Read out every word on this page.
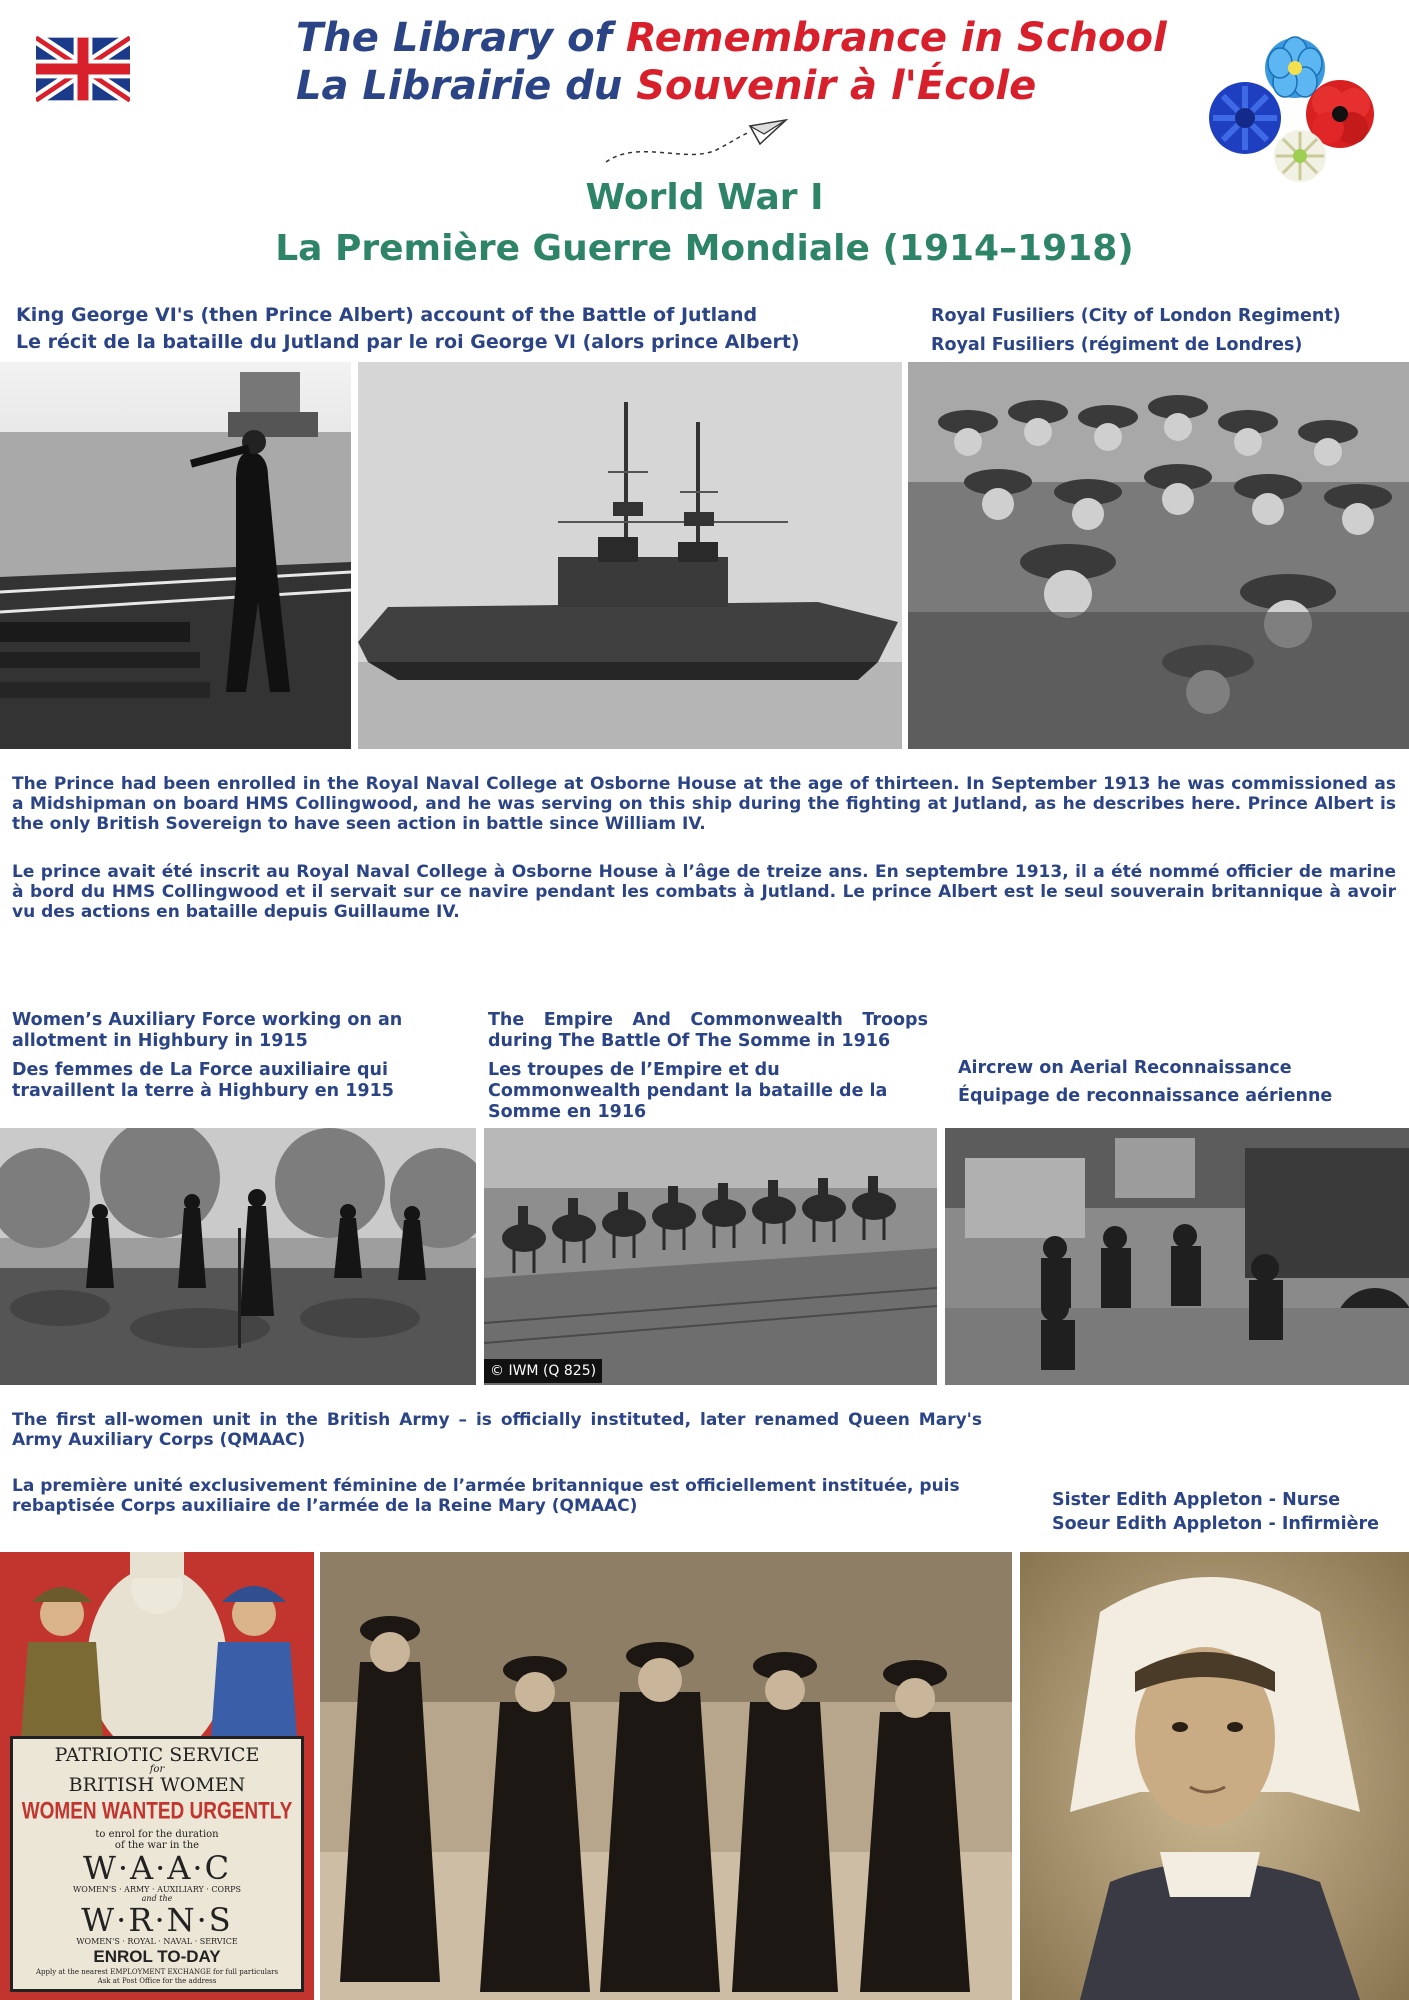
The Library of Remembrance in School
La Librairie du Souvenir à l'École
World War I
La Première Guerre Mondiale (1914–1918)
King George VI's (then Prince Albert) account of the Battle of Jutland
Le récit de la bataille du Jutland par le roi George VI (alors prince Albert)
Royal Fusiliers (City of London Regiment)
Royal Fusiliers (régiment de Londres)
The Prince had been enrolled in the Royal Naval College at Osborne House at the age of thirteen. In September 1913 he was commissioned as a Midshipman on board HMS Collingwood, and he was serving on this ship during the fighting at Jutland, as he describes here. Prince Albert is the only British Sovereign to have seen action in battle since William IV.
Le prince avait été inscrit au Royal Naval College à Osborne House à l’âge de treize ans. En septembre 1913, il a été nommé officier de marine à bord du HMS Collingwood et il servait sur ce navire pendant les combats à Jutland. Le prince Albert est le seul souverain britannique à avoir vu des actions en bataille depuis Guillaume IV.
Women’s Auxiliary Force working on an allotment in Highbury in 1915
Des femmes de La Force auxiliaire qui travaillent la terre à Highbury en 1915
The Empire And Commonwealth Troops during The Battle Of The Somme in 1916
Les troupes de l’Empire et du Commonwealth pendant la bataille de la Somme en 1916
Aircrew on Aerial Reconnaissance
Équipage de reconnaissance aérienne
© IWM (Q 825)
The first all-women unit in the British Army – is officially instituted, later renamed Queen Mary's Army Auxiliary Corps (QMAAC)
La première unité exclusivement féminine de l’armée britannique est officiellement instituée, puis rebaptisée Corps auxiliaire de l’armée de la Reine Mary (QMAAC)	Sister Edith Appleton - Nurse
Soeur Edith Appleton - Infirmière
PATRIOTIC SERVICE
for
BRITISH WOMEN
WOMEN WANTED URGENTLY
to enrol for the duration
of the war in the
W·A·A·C
WOMEN'S · ARMY · AUXILIARY · CORPS
and the
W·R·N·S
WOMEN'S · ROYAL · NAVAL · SERVICE
ENROL TO-DAY
Apply at the nearest EMPLOYMENT EXCHANGE for full particulars
Ask at Post Office for the address
